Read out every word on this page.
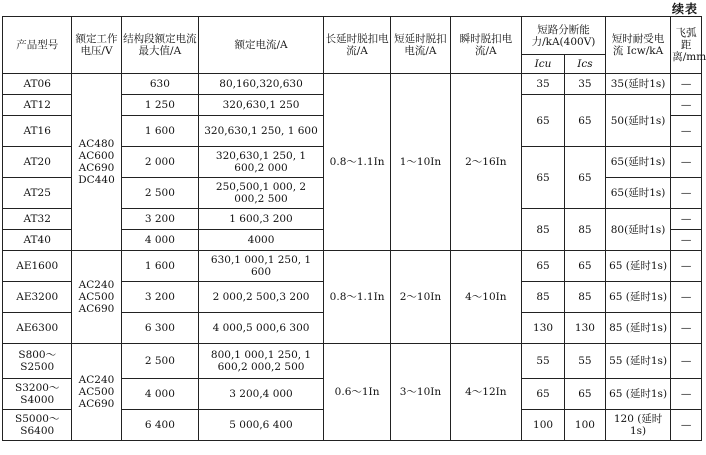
续表
产品型号	额定工作电压/V	结构段额定电流最大值/A	额定电流/A	长延时脱扣电流/A	短延时脱扣电流/A	瞬时脱扣电流/A	短路分断能力/kA(400V)		短时耐受电流 Icw/kA	飞弧距离/mm
							Icu	Ics		
AT06	AC480 AC600 AC690 DC440	630	80,160,320,630	0.8～1.1In	1～10In	2～16In	35	35	35(延时1s)	—
AT12		1 250	320,630,1 250				65	65	50(延时1s)	—
AT16		1 600	320,630,1 250, 1 600							—
AT20		2 000	320,630,1 250, 1 600,2 000				65	65	65(延时1s)	—
AT25		2 500	250,500,1 000, 2 000,2 500						65(延时1s)	—
AT32		3 200	1 600,3 200				85	85	80(延时1s)	—
AT40		4 000	4000							—
AE1600	AC240 AC500 AC690	1 600	630,1 000,1 250, 1 600	0.8～1.1In	2～10In	4～10In	65	65	65 (延时1s)	—
AE3200		3 200	2 000,2 500,3 200				85	85	65 (延时1s)	—
AE6300		6 300	4 000,5 000,6 300				130	130	85 (延时1s)	—
S800～S2500	AC240 AC500 AC690	2 500	800,1 000,1 250, 1 600,2 000,2 500	0.6～1In	3～10In	4～12In	55	55	55 (延时1s)	—
S3200～S4000		4 000	3 200,4 000				65	65	65 (延时1s)	—
S5000～S6400		6 400	5 000,6 400				100	100	120 (延时1s)	—
